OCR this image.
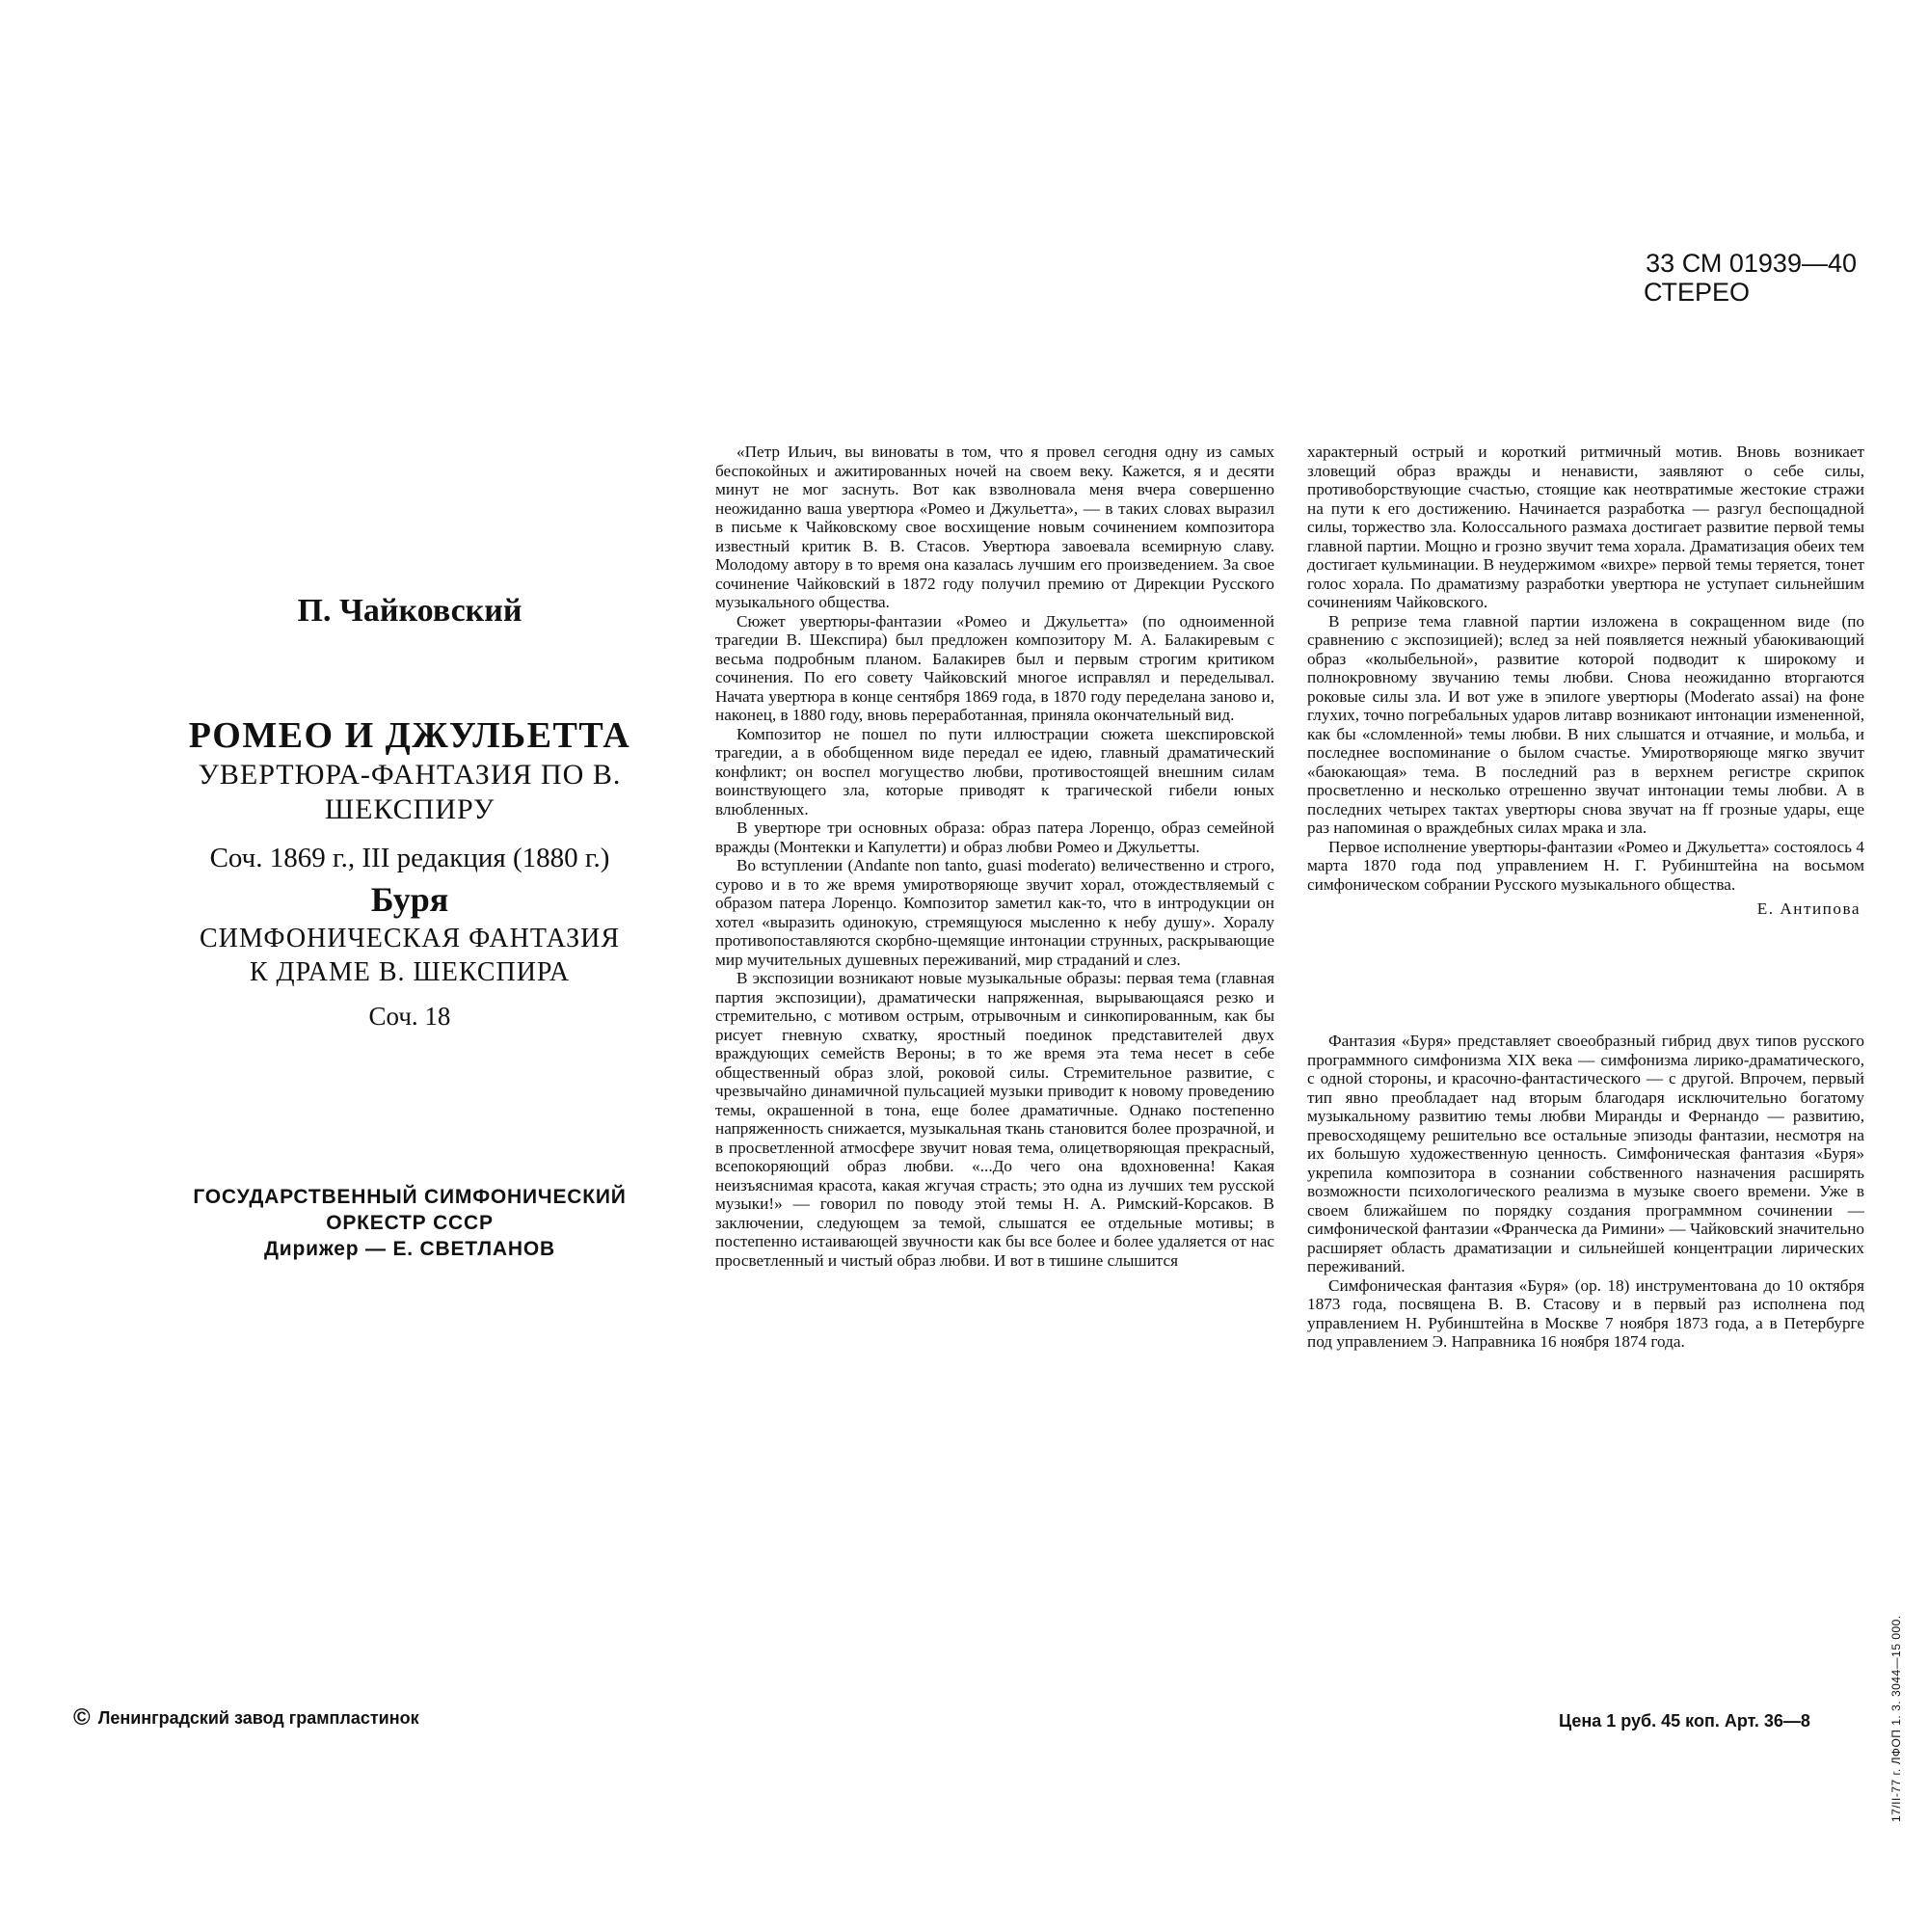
33 СМ 01939—40
СТЕРЕО
П. Чайковский
РОМЕО И ДЖУЛЬЕТТА
УВЕРТЮРА-ФАНТАЗИЯ ПО В. ШЕКСПИРУ
Соч. 1869 г., III редакция (1880 г.)
Буря
СИМФОНИЧЕСКАЯ ФАНТАЗИЯ
К ДРАМЕ В. ШЕКСПИРА
Соч. 18
ГОСУДАРСТВЕННЫЙ СИМФОНИЧЕСКИЙ
ОРКЕСТР СССР
Дирижер — Е. СВЕТЛАНОВ

«Петр Ильич, вы виноваты в том, что я провел сегодня одну из самых беспокойных и ажитированных ночей на своем веку. Кажется, я и десяти минут не мог заснуть. Вот как взволновала меня вчера совершенно неожиданно ваша увертюра «Ромео и Джульетта», — в таких словах выразил в письме к Чайковскому свое восхищение новым сочинением композитора известный критик В. В. Стасов. Увертюра завоевала всемирную славу. Молодому автору в то время она казалась лучшим его произведением. За свое сочинение Чайковский в 1872 году получил премию от Дирекции Русского музыкального общества.

Сюжет увертюры-фантазии «Ромео и Джульетта» (по одноименной трагедии В. Шекспира) был предложен композитору М. А. Балакиревым с весьма подробным планом. Балакирев был и первым строгим критиком сочинения. По его совету Чайковский многое исправлял и переделывал. Начата увертюра в конце сентября 1869 года, в 1870 году переделана заново и, наконец, в 1880 году, вновь переработанная, приняла окончательный вид.

Композитор не пошел по пути иллюстрации сюжета шекспировской трагедии, а в обобщенном виде передал ее идею, главный драматический конфликт; он воспел могущество любви, противостоящей внешним силам воинствующего зла, которые приводят к трагической гибели юных влюбленных.

В увертюре три основных образа: образ патера Лоренцо, образ семейной вражды (Монтекки и Капулетти) и образ любви Ромео и Джульетты.

Во вступлении (Andante non tanto, guasi moderato) величественно и строго, сурово и в то же время умиротворяюще звучит хорал, отождествляемый с образом патера Лоренцо. Композитор заметил как-то, что в интродукции он хотел «выразить одинокую, стремящуюся мысленно к небу душу». Хоралу противопоставляются скорбно-щемящие интонации струнных, раскрывающие мир мучительных душевных переживаний, мир страданий и слез.

В экспозиции возникают новые музыкальные образы: первая тема (главная партия экспозиции), драматически напряженная, вырывающаяся резко и стремительно, с мотивом острым, отрывочным и синкопированным, как бы рисует гневную схватку, яростный поединок представителей двух враждующих семейств Вероны; в то же время эта тема несет в себе общественный образ злой, роковой силы. Стремительное развитие, с чрезвычайно динамичной пульсацией музыки приводит к новому проведению темы, окрашенной в тона, еще более драматичные. Однако постепенно напряженность снижается, музыкальная ткань становится более прозрачной, и в просветленной атмосфере звучит новая тема, олицетворяющая прекрасный, всепокоряющий образ любви. «...До чего она вдохновенна! Какая неизъяснимая красота, какая жгучая страсть; это одна из лучших тем русской музыки!» — говорил по поводу этой темы Н. А. Римский-Корсаков. В заключении, следующем за темой, слышатся ее отдельные мотивы; в постепенно истаивающей звучности как бы все более и более удаляется от нас просветленный и чистый образ любви. И вот в тишине слышится

характерный острый и короткий ритмичный мотив. Вновь возникает зловещий образ вражды и ненависти, заявляют о себе силы, противоборствующие счастью, стоящие как неотвратимые жестокие стражи на пути к его достижению. Начинается разработка — разгул беспощадной силы, торжество зла. Колоссального размаха достигает развитие первой темы главной партии. Мощно и грозно звучит тема хорала. Драматизация обеих тем достигает кульминации. В неудержимом «вихре» первой темы теряется, тонет голос хорала. По драматизму разработки увертюра не уступает сильнейшим сочинениям Чайковского.

В репризе тема главной партии изложена в сокращенном виде (по сравнению с экспозицией); вслед за ней появляется нежный убаюкивающий образ «колыбельной», развитие которой подводит к широкому и полнокровному звучанию темы любви. Снова неожиданно вторгаются роковые силы зла. И вот уже в эпилоге увертюры (Moderato assai) на фоне глухих, точно погребальных ударов литавр возникают интонации измененной, как бы «сломленной» темы любви. В них слышатся и отчаяние, и мольба, и последнее воспоминание о былом счастье. Умиротворяюще мягко звучит «баюкающая» тема. В последний раз в верхнем регистре скрипок просветленно и несколько отрешенно звучат интонации темы любви. А в последних четырех тактах увертюры снова звучат на ff грозные удары, еще раз напоминая о враждебных силах мрака и зла.

Первое исполнение увертюры-фантазии «Ромео и Джульетта» состоялось 4 марта 1870 года под управлением Н. Г. Рубинштейна на восьмом симфоническом собрании Русского музыкального общества.

Е. Антипова

Фантазия «Буря» представляет своеобразный гибрид двух типов русского программного симфонизма XIX века — симфонизма лирико-драматического, с одной стороны, и красочно-фантастического — с другой. Впрочем, первый тип явно преобладает над вторым благодаря исключительно богатому музыкальному развитию темы любви Миранды и Фернандо — развитию, превосходящему решительно все остальные эпизоды фантазии, несмотря на их большую художественную ценность. Симфоническая фантазия «Буря» укрепила композитора в сознании собственного назначения расширять возможности психологического реализма в музыке своего времени. Уже в своем ближайшем по порядку создания программном сочинении — симфонической фантазии «Франческа да Римини» — Чайковский значительно расширяет область драматизации и сильнейшей концентрации лирических переживаний.

Симфоническая фантазия «Буря» (ор. 18) инструментована до 10 октября 1873 года, посвящена В. В. Стасову и в первый раз исполнена под управлением Н. Рубинштейна в Москве 7 ноября 1873 года, а в Петербурге под управлением Э. Направника 16 ноября 1874 года.

© Ленинградский завод грампластинок	Цена 1 руб. 45 коп. Арт. 36—8	17/II-77 г. ЛФОП 1. 3. 3044—15 000.
